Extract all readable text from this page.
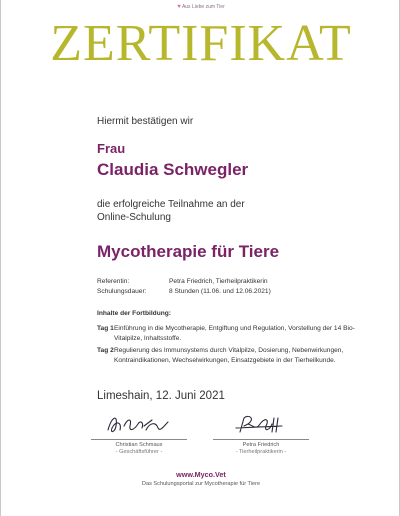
♥ Aus Liebe zum Tier
ZERTIFIKAT
Hiermit bestätigen wir
Frau
Claudia Schwegler
die erfolgreiche Teilnahme an der
Online-Schulung
Mycotherapie für Tiere
Referentin:	Petra Friedrich, Tierheilpraktikerin
Schulungsdauer:	8 Stunden (11.06. und 12.06.2021)
Inhalte der Fortbildung:
Tag 1 Einführung in die Mycotherapie, Entgiftung und Regulation, Vorstellung der 14 Bio-Vitalpilze, Inhaltsstoffe.
Tag 2 Regulierung des Immunsystems durch Vitalpilze, Dosierung, Nebenwirkungen, Kontraindikationen, Wechselwirkungen, Einsatzgebiete in der Tierheilkunde.
Limeshain, 12. Juni 2021
Christian Schmaus
- Geschäftsführer -
Petra Friedrich
- Tierheilpraktikerin -
www.Myco.Vet
Das Schulungsportal zur Mycotherapie für Tiere
